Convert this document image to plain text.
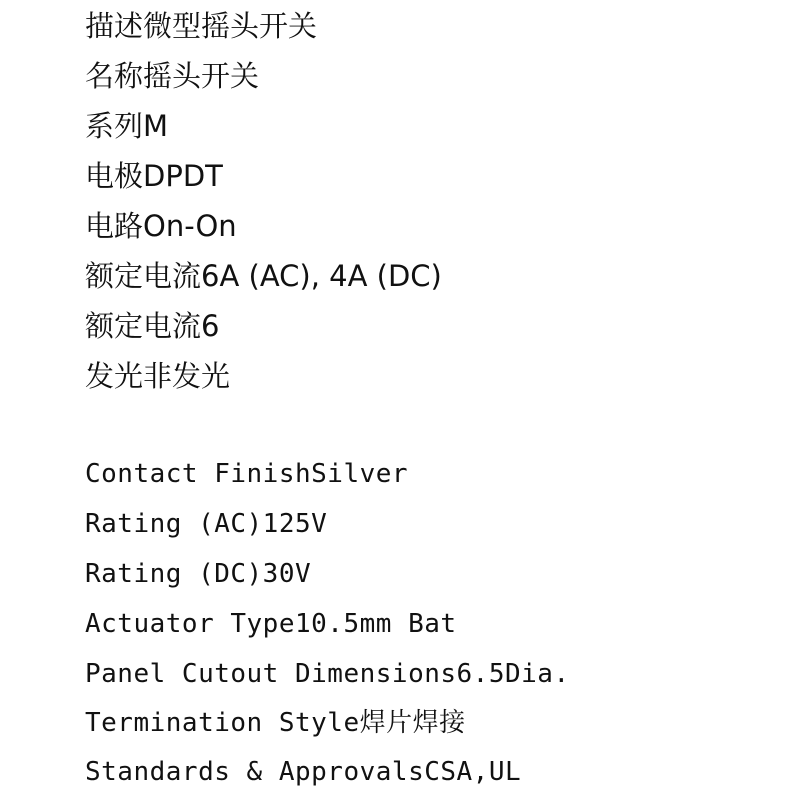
描述微型摇头开关
名称摇头开关
系列M
电极DPDT
电路On-On
额定电流6A (AC), 4A (DC)
额定电流6
发光非发光
Contact FinishSilver
Rating (AC)125V
Rating (DC)30V
Actuator Type10.5mm Bat
Panel Cutout Dimensions6.5Dia.
Termination Style焊片焊接
Standards & ApprovalsCSA,UL
